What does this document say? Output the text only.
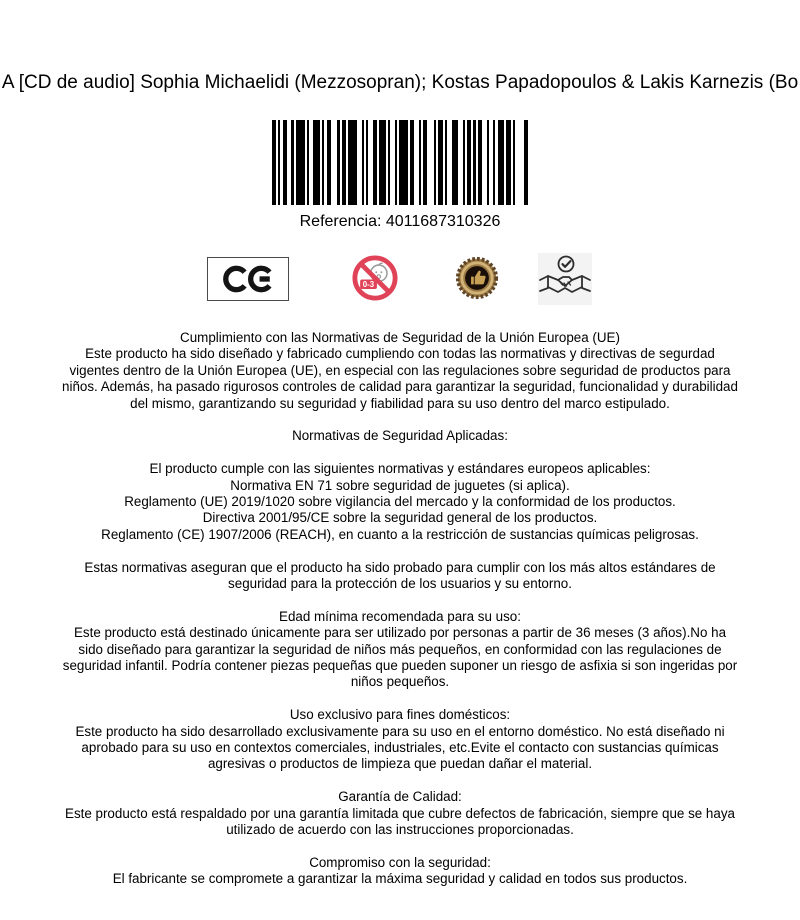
A [CD de audio] Sophia Michaelidi (Mezzosopran); Kostas Papadopoulos & Lakis Karnezis (Bo
Referencia: 4011687310326
0-3
Cumplimiento con las Normativas de Seguridad de la Unión Europea (UE)
Este producto ha sido diseñado y fabricado cumpliendo con todas las normativas y directivas de segurdad vigentes dentro de la Unión Europea (UE), en especial con las regulaciones sobre seguridad de productos para niños. Además, ha pasado rigurosos controles de calidad para garantizar la seguridad, funcionalidad y durabilidad del mismo, garantizando su seguridad y fiabilidad para su uso dentro del marco estipulado.
Normativas de Seguridad Aplicadas:
El producto cumple con las siguientes normativas y estándares europeos aplicables:
Normativa EN 71 sobre seguridad de juguetes (si aplica).
Reglamento (UE) 2019/1020 sobre vigilancia del mercado y la conformidad de los productos.
Directiva 2001/95/CE sobre la seguridad general de los productos.
Reglamento (CE) 1907/2006 (REACH), en cuanto a la restricción de sustancias químicas peligrosas.
Estas normativas aseguran que el producto ha sido probado para cumplir con los más altos estándares de seguridad para la protección de los usuarios y su entorno.
Edad mínima recomendada para su uso:
Este producto está destinado únicamente para ser utilizado por personas a partir de 36 meses (3 años).No ha sido diseñado para garantizar la seguridad de niños más pequeños, en conformidad con las regulaciones de seguridad infantil. Podría contener piezas pequeñas que pueden suponer un riesgo de asfixia si son ingeridas por niños pequeños.
Uso exclusivo para fines domésticos:
Este producto ha sido desarrollado exclusivamente para su uso en el entorno doméstico. No está diseñado ni aprobado para su uso en contextos comerciales, industriales, etc.Evite el contacto con sustancias químicas agresivas o productos de limpieza que puedan dañar el material.
Garantía de Calidad:
Este producto está respaldado por una garantía limitada que cubre defectos de fabricación, siempre que se haya utilizado de acuerdo con las instrucciones proporcionadas.
Compromiso con la seguridad:
El fabricante se compromete a garantizar la máxima seguridad y calidad en todos sus productos.
